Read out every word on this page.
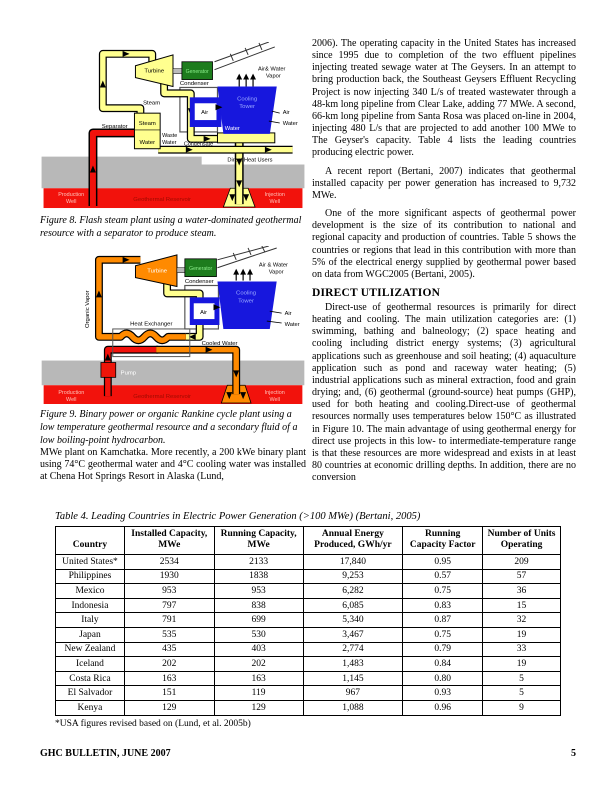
Turbine	Generator
Condenser
Cooling
Tower
Air& Water
Vapor
Air	Air
Water
Water
Steam
Separator Steam
Water
Waste
Water Condensate
Direct Heat Users
Production
Well	Geothermal Reservoir
Injection
Well

Figure 8. Flash steam plant using a water-dominated geothermal resource with a separator to produce steam.

Turbine	Generator
Condenser
Cooling
Tower
Air & Water
Vapor
Air	Air
Water
Organic Vapor	Heat Exchanger
Cooled Water
Pump
Production
Well	Geothermal Reservoir
Injection
Well

Figure 9. Binary power or organic Rankine cycle plant using a low temperature geothermal resource and a secondary fluid of a low boiling-point hydrocarbon.

MWe plant on Kamchatka. More recently, a 200 kWe binary plant using 74°C geothermal water and 4°C cooling water was installed at Chena Hot Springs Resort in Alaska (Lund,

2006). The operating capacity in the United States has increased since 1995 due to completion of the two effluent pipelines injecting treated sewage water at The Geysers. In an attempt to bring production back, the Southeast Geysers Effluent Recycling Project is now injecting 340 L/s of treated wastewater through a 48-km long pipeline from Clear Lake, adding 77 MWe. A second, 66-km long pipeline from Santa Rosa was placed on-line in 2004, injecting 480 L/s that are projected to add another 100 MWe to The Geyser's capacity. Table 4 lists the leading countries producing electric power.

A recent report (Bertani, 2007) indicates that geothermal installed capacity per power generation has increased to 9,732 MWe.

One of the more significant aspects of geothermal power development is the size of its contribution to national and regional capacity and production of countries. Table 5 shows the countries or regions that lead in this contribution with more than 5% of the electrical energy supplied by geothermal power based on data from WGC2005 (Bertani, 2005).

DIRECT UTILIZATION

Direct-use of geothermal resources is primarily for direct heating and cooling. The main utilization categories are: (1) swimming, bathing and balneology; (2) space heating and cooling including district energy systems; (3) agricultural applications such as greenhouse and soil heating; (4) aquaculture application such as pond and raceway water heating; (5) industrial applications such as mineral extraction, food and grain drying; and, (6) geothermal (ground-source) heat pumps (GHP), used for both heating and cooling.Direct-use of geothermal resources normally uses temperatures below 150°C as illustrated in Figure 10. The main advantage of using geothermal energy for direct use projects in this low- to intermediate-temperature range is that these resources are more widespread and exists in at least 80 countries at economic drilling depths. In addition, there are no conversion

Table 4. Leading Countries in Electric Power Generation (>100 MWe) (Bertani, 2005)
Country	Installed Capacity, MWe	Running Capacity, MWe	Annual Energy Produced, GWh/yr	Running Capacity Factor	Number of Units Operating
United States*	2534	2133	17,840	0.95	209
Philippines	1930	1838	9,253	0.57	57
Mexico	953	953	6,282	0.75	36
Indonesia	797	838	6,085	0.83	15
Italy	791	699	5,340	0.87	32
Japan	535	530	3,467	0.75	19
New Zealand	435	403	2,774	0.79	33
Iceland	202	202	1,483	0.84	19
Costa Rica	163	163	1,145	0.80	5
El Salvador	151	119	967	0.93	5
Kenya	129	129	1,088	0.96	9
*USA figures revised based on (Lund, et al. 2005b)
GHC BULLETIN, JUNE 2007	5
